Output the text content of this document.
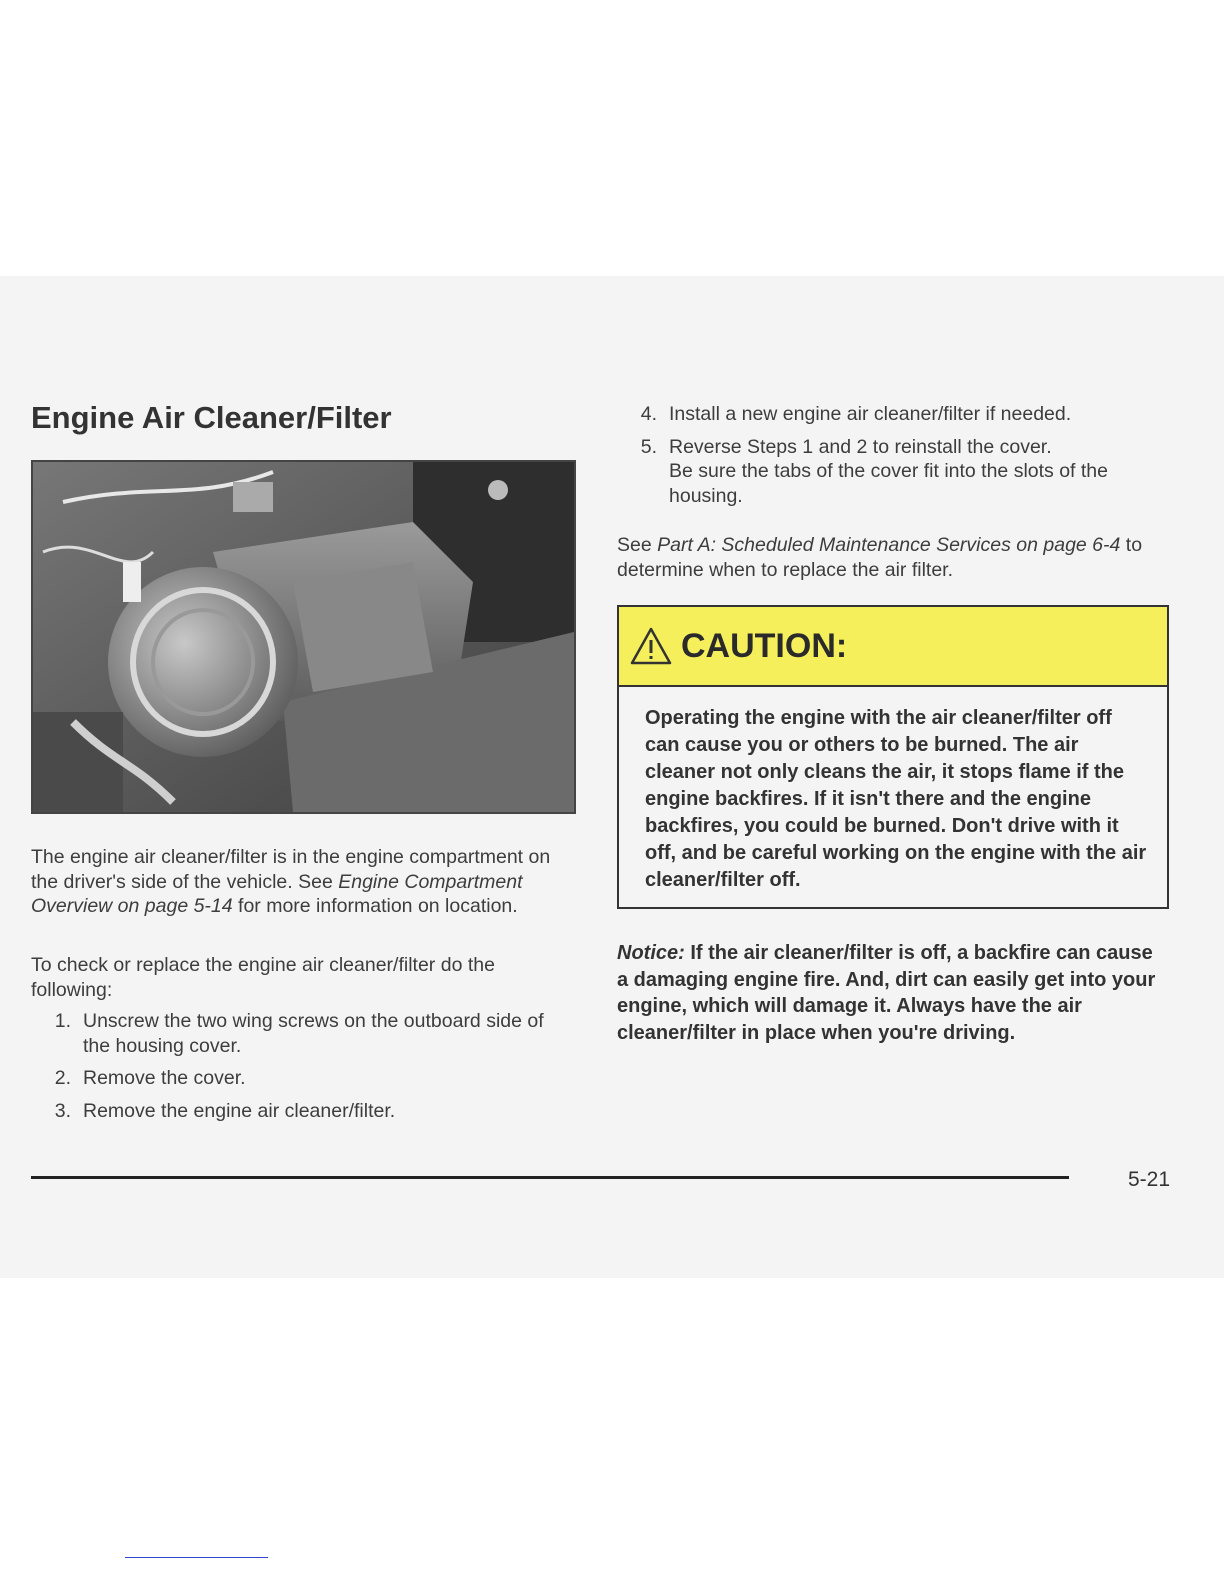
Engine Air Cleaner/Filter

The engine air cleaner/filter is in the engine compartment on the driver's side of the vehicle. See Engine Compartment Overview on page 5-14 for more information on location.

To check or replace the engine air cleaner/filter do the following:

1. Unscrew the two wing screws on the outboard side of the housing cover.
2. Remove the cover.
3. Remove the engine air cleaner/filter.
4. Install a new engine air cleaner/filter if needed.
5. Reverse Steps 1 and 2 to reinstall the cover.
Be sure the tabs of the cover fit into the slots of the housing.

See Part A: Scheduled Maintenance Services on page 6-4 to determine when to replace the air filter.

CAUTION:
Operating the engine with the air cleaner/filter off can cause you or others to be burned. The air cleaner not only cleans the air, it stops flame if the engine backfires. If it isn't there and the engine backfires, you could be burned. Don't drive with it off, and be careful working on the engine with the air cleaner/filter off.

Notice: If the air cleaner/filter is off, a backfire can cause a damaging engine fire. And, dirt can easily get into your engine, which will damage it. Always have the air cleaner/filter in place when you're driving.

5-21
